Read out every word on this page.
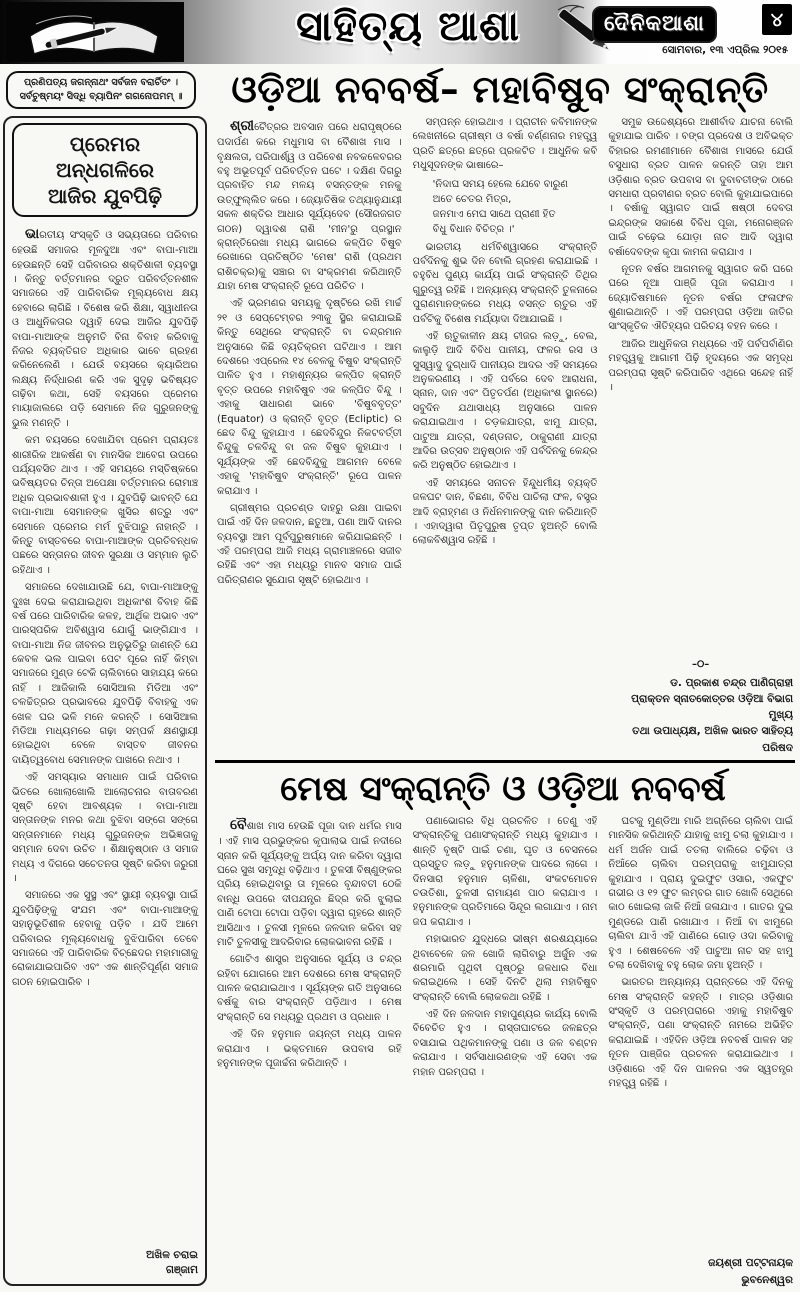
ସାହିତ୍ୟ ଆଶା	ଦୈନିକଆଶା	୪
ସୋମବାର, ୧୩ ଏପ୍ରିଲ ୨୦୧୫
ପ୍ରଣିପତ୍ୟ ଜଗନ୍ନାଥଂ ସର୍ବଜନ ବରାର୍ଚିତଂ ।
ସର୍ବଚୁଷ୍ମୟଂ ସିଦ୍ଧି ବ୍ୟାପିନଂ ଗଗନୋପମମ୍ ॥	ଓଡ଼ିଆ ନବବର୍ଷ– ମହାବିଷୁବ ସଂକ୍ରାନ୍ତି
ପ୍ରେମର ଅନ୍ଧଗଳିରେ
ଆଜିର ଯୁବପିଢ଼ି

ଭାରତୀୟ ସଂସ୍କୃତି ଓ ସଭ୍ୟତାରେ ପରିବାର ହେଉଛି ସମାଜର ମୂଳଦୁଆ ଏବଂ ବାପା-ମାଆ ହେଉଛନ୍ତି ସେହି ପରିବାରର ଶକ୍ତିଶାଳୀ ବ୍ୟବସ୍ଥା । କିନ୍ତୁ ବର୍ତ୍ତମାନର ଦ୍ରୁତ ପରିବର୍ତ୍ତନଶୀଳ ସମାଜରେ ଏହି ପାରିବାରିକ ମୂଲ୍ୟବୋଧ କ୍ଷୟ ହେବାରେ ଲାଗିଛି । ବିଶେଷ କରି ଶିକ୍ଷା, ସ୍ୱାଧୀନତା ଓ ଆଧୁନିକତାର ଦ୍ୱାହି ଦେଇ ଆଜିର ଯୁବପିଢ଼ି ବାପା-ମାଆଙ୍କ ଅନୁମତି ବିନା ବିବାହ କରିବାକୁ ନିଜର ବ୍ୟକ୍ତିଗତ ଅଧିକାର ଭାବେ ଗ୍ରହଣ କରିନେଲେଣି । ଯେଉଁ ବୟସରେ କ୍ୟାରିଅର ଲକ୍ଷ୍ୟ ନିର୍ଦ୍ଧାରଣ କରି ଏକ ସୁଦୃଢ଼ ଭବିଷ୍ୟତ ଗଢ଼ିବା କଥା, ସେହି ବୟସରେ ପ୍ରେମର ମାୟାଜାଲରେ ପଡ଼ି ସେମାନେ ନିଜ ଗୁରୁଜନଙ୍କୁ ଭୁଲ ମଣନ୍ତି ।

କମ ବୟସରେ ଦେଖାଯିବା ପ୍ରେମ ପ୍ରାୟତଃ ଶାରୀରିକ ଆକର୍ଷଣ ବା ମାନସିକ ଆବେଗ ଉପରେ ପର୍ଯ୍ୟବସିତ ଥାଏ । ଏହି ସମୟରେ ମସ୍ତିଷ୍କରେ ଭବିଷ୍ୟତର ଚିନ୍ତା ଅପେକ୍ଷା ବର୍ତ୍ତମାନର ରୋମାଞ୍ଚ ଅଧିକ ପ୍ରଭାବଶାଳୀ ହୁଏ । ଯୁବପିଢ଼ି ଭାବନ୍ତି ଯେ ବାପା-ମାଆ ସେମାନଙ୍କ ଖୁସିର ଶତ୍ରୁ ଏବଂ ସେମାନେ ପ୍ରେମର ମର୍ମ ବୁଝିପାରୁ ନାହାନ୍ତି । କିନ୍ତୁ ବାସ୍ତବରେ ବାପା-ମାଆଙ୍କ ପ୍ରତିବନ୍ଧକ ପଛରେ ସନ୍ତାନର ଜୀବନ ସୁରକ୍ଷା ଓ ସମ୍ମାନ ଲୁଚି ରହିଥାଏ ।

ସମାଜରେ ଦେଖାଯାଉଛି ଯେ, ବାପା-ମାଆଙ୍କୁ ଦୁଃଖ ଦେଇ କରାଯାଇଥିବା ଅଧିକାଂଶ ବିବାହ କିଛି ବର୍ଷ ପରେ ପାରିବାରିକ କଳହ, ଆର୍ଥିକ ଅଭାବ ଏବଂ ପାରସ୍ପରିକ ଅବିଶ୍ୱାସ ଯୋଗୁଁ ଭାଙ୍ଗିଯାଏ । ବାପା-ମାଆ ନିଜ ଜୀବନର ଅନୁଭୂତିରୁ ଜାଣନ୍ତି ଯେ କେବଳ ଭଲ ପାଇବା ପେଟ ପୂରେ ନାହିଁ କିମ୍ବା ସମାଜରେ ମୁଣ୍ଡ ଟେକି ଚାଲିବାରେ ସାହାଯ୍ୟ କରେ ନାହିଁ । ଆଜିକାଲି ସୋସିଆଲ ମିଡିଆ ଏବଂ ଚଳଚ୍ଚିତ୍ରର ପ୍ରଭାବରେ ଯୁବପିଢ଼ି ବିବାହକୁ ଏକ ଖେଳ ଘର ଭଳି ମନେ କରନ୍ତି । ସୋସିଆଲ ମିଡିଆ ମାଧ୍ୟମରେ ଗଢ଼ା ସମ୍ପର୍କ କ୍ଷଣସ୍ଥାୟୀ ହୋଇଥିବା ବେଳେ ବାସ୍ତବ ଜୀବନର ଦାୟିତ୍ୱବୋଧ ସେମାନଙ୍କ ପାଖରେ ନଥାଏ ।

ଏହି ସମସ୍ୟାର ସମାଧାନ ପାଇଁ ପରିବାର ଭିତରେ ଖୋଲାଖୋଲି ଆଲୋଚନାର ବାତାବରଣ ସୃଷ୍ଟି ହେବା ଆବଶ୍ୟକ । ବାପା-ମାଆ ସନ୍ତାନଙ୍କ ମନର କଥା ବୁଝିବା ସଙ୍ଗେ ସଙ୍ଗେ ସନ୍ତାନମାନେ ମଧ୍ୟ ଗୁରୁଜନଙ୍କ ଅଭିଜ୍ଞତାକୁ ସମ୍ମାନ ଦେବା ଉଚିତ । ଶିକ୍ଷାନୁଷ୍ଠାନ ଓ ସମାଜ ମଧ୍ୟ ଏ ଦିଗରେ ସଚେତନତା ସୃଷ୍ଟି କରିବା ଜରୁରୀ ।

ସମାଜରେ ଏକ ସୁସ୍ଥ ଏବଂ ସ୍ଥାୟୀ ବ୍ୟବସ୍ଥା ପାଇଁ ଯୁବପିଢ଼ିଙ୍କୁ ସଂଯମ ଏବଂ ବାପା-ମାଆଙ୍କୁ ସହାନୁଭୂତିଶୀଳ ହେବାକୁ ପଡ଼ିବ । ଯଦି ଆମେ ପରିବାରର ମୂଲ୍ୟବୋଧକୁ ବୁଝିପାରିବା ତେବେ ସମାଜରେ ଏହି ପାରିବାରିକ ବିଚ୍ଛେଦର ମହାମାରୀକୁ ରୋକାଯାଇପାରିବ ଏବଂ ଏକ ଶାନ୍ତିପୂର୍ଣ୍ଣ ସମାଜ ଗଠନ ହୋଇପାରିବ ।

ଅଖିଳ ଚରାଇ
ଗଞ୍ଜାମ

ଶ୍ରୀଚୈତ୍ରର ଅବସାନ ପରେ ଧରାପୃଷ୍ଠରେ ପଦାର୍ପଣ କରେ ମଧୁମାସ ବା ବୈଶାଖ ମାସ । ବୃକ୍ଷଲତା, ପରିପାର୍ଶ୍ୱ ଓ ପରିବେଶ ନବକଳେବରର ବହୁ ଅଭୂତପୂର୍ବ ପରିବର୍ତ୍ତନ ଘଟେ । ଦକ୍ଷିଣ ଦିଗରୁ ପ୍ରବାହିତ ମନ୍ଦ ମଳୟ ବସନ୍ତଙ୍କ ମନକୁ ଉତ୍‌ଫୁଲ୍ଲିତ କରେ । ଜ୍ୟୋତିଷିକ ତଥ୍ୟାନୁଯାୟୀ ସକଳ ଶକ୍ତିର ଆଧାର ସୂର୍ଯ୍ୟଦେବ (ସୌରଜଗତ ଗଠନ) ଦ୍ୱାଦଶ ରାଶି 'ମୀନ'ରୁ ପ୍ରସ୍ଥାନ କ୍ରାନ୍ତିରେଖା ମଧ୍ୟ ଭାଗରେ କଳ୍ପିତ ବିଷୁବ ରେଖାରେ ପ୍ରତିଷ୍ଠିତ 'ମେଷ' ରାଶି (ପ୍ରଥମ ରାଶିଚକ୍ର)କୁ ସଞ୍ଚାର ବା ସଂକ୍ରମଣ କରିଥାନ୍ତି ଯାହା ମେଷ ସଂକ୍ରାନ୍ତି ରୂପେ ପରିଚିତ ।

ଏହି ଭ୍ରମଣର ସମୟକୁ ଦୃଷ୍ଟିରେ ରଖି ମାର୍ଚ୍ଚ ୨୧ ଓ ସେପ୍ଟେମ୍ବର ୨୩କୁ ସ୍ଥିର କରାଯାଇଛି କିନ୍ତୁ ସେଥିରେ ସଂକ୍ରାନ୍ତି ବା ଚନ୍ଦ୍ରମାନ ଅନୁସାରେ କିଛି ବ୍ୟତିକ୍ରମ ଘଟିଥାଏ । ଆମ ଦେଶରେ ଏପ୍ରେଲ ୧୪ ବେଳକୁ ବିଷୁବ ସଂକ୍ରାନ୍ତି ପାଳିତ ହୁଏ । ମହାଶୂନ୍ୟର କଳ୍ପିତ କ୍ରାନ୍ତି ବୃତ୍ତ ଉପରେ ମହାବିଷୁବ ଏକ କଳ୍ପିତ ବିନ୍ଦୁ । ଏହାକୁ ସାଧାରଣ ଭାବେ 'ବିଷୁବବୃତ୍ତ' (Equator) ଓ କ୍ରାନ୍ତି ବୃତ୍ତ (Ecliptic) ର ଛେଦ ବିନ୍ଦୁ କୁହାଯାଏ । ଛେଦବିନ୍ଦୁର ନିକଟବର୍ତ୍ତୀ ବିନ୍ଦୁକୁ ଚଳବିନ୍ଦୁ ବା ଜଳ ବିଷୁବ କୁହାଯାଏ । ସୂର୍ଯ୍ୟଙ୍କ ଏହି ଛେଦବିନ୍ଦୁକୁ ଆଗମନ ବେଳେ ଏହାକୁ 'ମହାବିଷୁବ ସଂକ୍ରାନ୍ତି' ରୂପେ ପାଳନ କରାଯାଏ ।

ଗ୍ରୀଷ୍ମର ପ୍ରଚଣ୍ଡ ଦାହରୁ ରକ୍ଷା ପାଇବା ପାଇଁ ଏହି ଦିନ ଜଳଦାନ, ଛତୁଆ, ପଣା ଆଦି ଦାନର ବ୍ୟବସ୍ଥା ଆମ ପୂର୍ବପୁରୁଷମାନେ କରିଯାଇଛନ୍ତି । ଏହି ପରମ୍ପରା ଆଜି ମଧ୍ୟ ଗ୍ରାମାଞ୍ଚଳରେ ସଜୀବ ରହିଛି ଏବଂ ଏହା ମଧ୍ୟରୁ ମାନବ ସମାଜ ପାଇଁ ପରିତ୍ରାଣର ସୁଯୋଗ ସୃଷ୍ଟି ହୋଇଥାଏ ।

ସମ୍ପନ୍ନ ହୋଇଥାଏ । ପ୍ରାଚୀନ କବିମାନଙ୍କ ଲେଖନୀରେ ଗ୍ରୀଷ୍ମ ଓ ବର୍ଷା ବର୍ଣ୍ଣନାର ମହତ୍ତ୍ୱ ପ୍ରତି ଛତ୍ରେ ଛତ୍ରେ ପ୍ରକଟିତ । ଆଧୁନିକ କବି ମଧୁସୂଦନଙ୍କ ଭାଷାରେ–

'ନିଦାଘ ସମୟ ହେଲେ ଯେବେ ବାରୁଣ
ଅତେ ଚେତର ମିତ୍ର,
ଜନମାଏ ମେଘ ସାଥେ ପ୍ରାଣୀ ହିତ
ବିଧୁ ବିଧାନ ବିଚିତ୍ର ।'

ଭାରତୀୟ ଧର୍ମବିଶ୍ୱାସରେ ସଂକ୍ରାନ୍ତି ପର୍ବଦିନକୁ ଶୁଭ ଦିନ ବୋଲି ଗ୍ରହଣ କରାଯାଇଛି । ବହୁବିଧ ପୁଣ୍ୟ କାର୍ଯ୍ୟ ପାଇଁ ସଂକ୍ରାନ୍ତି ତିଥିର ଗୁରୁତ୍ୱ ରହିଛି । ଅନ୍ୟାନ୍ୟ ସଂକ୍ରାନ୍ତି ତୁଳନାରେ ପୁରାଣମାନଙ୍କରେ ମଧ୍ୟ ବସନ୍ତ ଋତୁର ଏହି ପର୍ବଟିକୁ ବିଶେଷ ମର୍ଯ୍ୟାଦା ଦିଆଯାଇଛି ।

ଏହି ଋତୁକାଳୀନ କ୍ଷୟ ଚୀଜର ଲଡ଼ୁ, ବେଲ, କାଲୁଡ଼ି ଆଦି ବିବିଧ ପାନୀୟ, ଫଳର ରସ ଓ ସୁସ୍ୱାଦୁ ଦୁଗ୍ଧାଦି ପାନୀୟର ଆଦର ଏହି ସମୟରେ ଅନୁକରଣୀୟ । ଏହି ପର୍ବରେ ଦେବ ଆରାଧନା, ସ୍ନାନ, ଦାନ ଏବଂ ପିତୃତର୍ପଣ (ଅଧିକାଂଶ ସ୍ଥାନରେ) ସବୁଦିନ ଯଥାସାଧ୍ୟ ଅନୁସାରେ ପାଳନ କରାଯାଇଥାଏ । ଚଡ଼କଯାତ୍ରା, ଝାମୁ ଯାତ୍ରା, ପାଟୁଆ ଯାତ୍ରା, ଦଣ୍ଡନାଚ, ଠାକୁରାଣୀ ଯାତ୍ରା ଆଦିର ଉତ୍ସବ ଅନୁଷ୍ଠାନ ଏହି ପର୍ବଦିନକୁ କେନ୍ଦ୍ର କରି ଅନୁଷ୍ଠିତ ହୋଇଥାଏ ।

ଏହି ସମୟରେ ସନାତନ ହିନ୍ଦୁଧର୍ମୀୟ ବ୍ୟକ୍ତି ଜଳଘଟ ଦାନ, ବିଛଣା, ବିବିଧ ପାଚିଲା ଫଳ, ବସ୍ତ୍ର ଆଦି ବ୍ରାହ୍ମଣ ଓ ନିର୍ଧନମାନଙ୍କୁ ଦାନ କରିଥାନ୍ତି । ଏହାଦ୍ୱାରା ପିତୃପୁରୁଷ ତୃପ୍ତ ହୁଅନ୍ତି ବୋଲି ଲୋକବିଶ୍ୱାସ ରହିଛି ।

ସମୁଚ୍ଚ ଉଦ୍ଦେଶ୍ୟରେ ଆଶୀର୍ବାଦ ଯାଚନା ବୋଲି କୁହାଯାଇ ପାରିବ । ବଙ୍ଗ ପ୍ରଦେଶ ଓ ଅବିଭକ୍ତ ବିହାରର ରମଣୀମାନେ ବୈଶାଖ ମାସରେ ଯେଉଁ ବସୁଧାରା ବ୍ରତ ପାଳନ କରନ୍ତି ତାହା ଆମ ଓଡ଼ିଶାର ବ୍ରତ ଉପବାସ ବା ଦୁବାବତୀଙ୍କ ଠାରେ ସମଧାରା ପ୍ରବୀଣର ବ୍ରତ ବୋଲି କୁହାଯାଇପାରେ । ବର୍ଷାକୁ ସ୍ୱାଗତ ପାଇଁ ଷଷ୍ଠୀ ଦେବତା ଇନ୍ଦ୍ରଙ୍କ ସକାଶେ ବିବିଧ ପୂଜା, ମନୋରଞ୍ଜନ ପାଇଁ ଚଢ଼େଇ ଯୋଡ଼ା ନାଚ ଆଦି ଦ୍ୱାରା ବର୍ଷାଦେବଙ୍କ କୃପା କାମନା କରାଯାଏ ।

ନୂତନ ବର୍ଷର ଆଗମନକୁ ସ୍ୱାଗତ କରି ଘରେ ଘରେ ନୂଆ ପାଞ୍ଜି ପୂଜା କରାଯାଏ । ଜ୍ୟୋତିଷମାନେ ନୂତନ ବର୍ଷର ଫଳାଫଳ ଶୁଣାଇଥାନ୍ତି । ଏହି ପରମ୍ପରା ଓଡ଼ିଆ ଜାତିର ସାଂସ୍କୃତିକ ଐତିହ୍ୟର ପରିଚୟ ବହନ କରେ ।

ଆଜିର ଆଧୁନିକତା ମଧ୍ୟରେ ଏହି ପର୍ବପର୍ବାଣିର ମହତ୍ତ୍ୱକୁ ଆଗାମୀ ପିଢ଼ି ହୃଦୟରେ ଏକ ସମୃଦ୍ଧ ପରମ୍ପରା ସୃଷ୍ଟି କରିପାରିବ ଏଥିରେ ସନ୍ଦେହ ନାହିଁ ।

–୦–
ଡ. ପ୍ରକାଶ ଚନ୍ଦ୍ର ପାଣିଗ୍ରାହୀ
ପ୍ରାକ୍ତନ ସ୍ନାତକୋତ୍ତର ଓଡ଼ିଆ ବିଭାଗ ମୁଖ୍ୟ
ତଥା ଉପାଧ୍ୟକ୍ଷ, ଅଖିଳ ଭାରତ ସାହିତ୍ୟ ପରିଷଦ
ମେଷ ସଂକ୍ରାନ୍ତି ଓ ଓଡ଼ିଆ ନବବର୍ଷ

ବୈଶାଖ ମାସ ହେଉଛି ପୂଜା ଦାନ ଧର୍ମର ମାସ । ଏହି ମାସ ପ୍ରଭୁଙ୍କର କୃପାଲାଭ ପାଇଁ ନଦୀରେ ସ୍ନାନ କରି ସୂର୍ଯ୍ୟଙ୍କୁ ଅର୍ଘ୍ୟ ଦାନ କରିବା ଦ୍ୱାରା ଘରେ ସୁଖ ସମୃଦ୍ଧି ବଢ଼ିଥାଏ । ତୁଳସୀ ବିଷ୍ଣୁଙ୍କର ପ୍ରିୟ ହୋଇଥିବାରୁ ତା ମୂଳରେ ବୃନ୍ଦାବତୀ ଠେକି ବାନ୍ଧି ଉପରେ ଦୀପଯନ୍ତ୍ର ଛିଦ୍ର କରି ଝୁଲାଇ ପାଣି ଟୋପା ଟୋପା ପଡ଼ିବା ଦ୍ୱାରା ଗୃହରେ ଶାନ୍ତି ଆସିଥାଏ । ତୁଳସୀ ମୂଳରେ ଜଳଦାନ କରିବା ସହ ମାଟି ତୁଳସୀକୁ ଆଦରିବାର ଲୋକଭାବନା ରହିଛି ।

ଗୋଟିଏ ଶାସ୍ତ୍ର ଅନୁସାରେ ସୂର୍ଯ୍ୟ ଓ ଚନ୍ଦ୍ର ରହିବା ଯୋଗରେ ଆମ ଦେଶରେ ମେଷ ସଂକ୍ରାନ୍ତି ପାଳନ କରାଯାଇଥାଏ । ସୂର୍ଯ୍ୟଙ୍କ ଗତି ଅନୁସାରେ ବର୍ଷକୁ ବାର ସଂକ୍ରାନ୍ତି ପଡ଼ିଥାଏ । ମେଷ ସଂକ୍ରାନ୍ତି ସେ ମଧ୍ୟରୁ ପ୍ରଥମ ଓ ପ୍ରଧାନ ।

ଏହି ଦିନ ହନୁମାନ ଜୟନ୍ତୀ ମଧ୍ୟ ପାଳନ କରାଯାଏ । ଭକ୍ତମାନେ ଉପବାସ ରହି ହନୁମାନଙ୍କ ପୂଜାର୍ଚ୍ଚନା କରିଥାନ୍ତି ।

ପଣାଭୋଗର ବିଧି ପ୍ରଚଳିତ । ତେଣୁ ଏହି ସଂକ୍ରାନ୍ତିକୁ ପଣାସଂକ୍ରାନ୍ତି ମଧ୍ୟ କୁହାଯାଏ । ଶାନ୍ତି ବୃଷ୍ଟି ପାଇଁ ଚଣା, ଘୃତ ଓ ବେସନରେ ପ୍ରସ୍ତୁତ ଲଡ଼ୁ ହନୁମାନଙ୍କ ପାଦରେ ଲାଗେ । ଦିନସାରା ହନୁମାନ ଚାଳିଶା, ସଂକଟମୋଚନ ଚଉତିଶା, ତୁଳସୀ ରାମାୟଣ ପାଠ କରାଯାଏ । ହନୁମାନଙ୍କ ପ୍ରତିମାରେ ସିନ୍ଦୂର ଲଗାଯାଏ । ନାମ ଜପ କରାଯାଏ ।

ମହାଭାରତ ଯୁଦ୍ଧରେ ଭୀଷ୍ମ ଶରଶଯ୍ୟାରେ ଥିବାବେଳେ ଜଳ ଖୋଜି ଲାଗିବାରୁ ଅର୍ଜୁନ ଏକ ଶରମାରି ପୃଥିବୀ ପୃଷ୍ଠରୁ ଜଳଧାର ବିଧା କରାଇଥିଲେ । ସେହି ଦିନଟି ଥିଲା ମହାବିଷୁବ ସଂକ୍ରାନ୍ତି ବୋଲି ଲୋକକଥା ରହିଛି ।

ଏହି ଦିନ ଜଳଦାନ ମହାପୁଣ୍ୟର କାର୍ଯ୍ୟ ବୋଲି ବିବେଚିତ ହୁଏ । ରାସ୍ତାଘାଟରେ ଜଳଛତ୍ର ବସାଯାଇ ପଥିକମାନଙ୍କୁ ପଣା ଓ ଜଳ ବଣ୍ଟନ କରାଯାଏ । ସର୍ବସାଧାରଣଙ୍କ ଏହି ସେବା ଏକ ମହାନ ପରମ୍ପରା ।

ଘଟକୁ ମୁଣ୍ଡିଆ ମାରି ଅଗ୍ନିରେ ଚାଲିବା ପାଇଁ ମାନସିକ କରିଥାନ୍ତି ଯାହାକୁ ଝାମୁ ଚଲା କୁହାଯାଏ । ଧର୍ମ ଅର୍ଜନ ପାଇଁ ତତଲା ବାଲିରେ ଚଢ଼ିବା ଓ ନିଆଁରେ ଚାଲିବା ପରମ୍ପରାକୁ ଝାମୁଯାତ୍ରା କୁହାଯାଏ । ପ୍ରାୟ ଦୁଇଫୁଟ ଓସାର, ଏକଫୁଟ ଗଭୀର ଓ ୧୨ ଫୁଟ ଲମ୍ବର ଗାତ ଖୋଳି ସେଥିରେ କାଠ ଖୋଇଲା ଜାଳି ନିଆଁ ଜଳାଯାଏ । ଗାତର ଦୁଇ ମୁଣ୍ଡରେ ପାଣି ରଖାଯାଏ । ନିଆଁ ବା ଝାମୁରେ ଚାଲିବା ଯାଏଁ ଏହି ପାଣିରେ ଗୋଡ଼ ଓଦା କରିବାକୁ ହୁଏ । ଶେଷବେଳେ ଏହି ପାଟୁଆ ନାଚ ସହ ଝାମୁ ଚଲା ଦେଖିବାକୁ ବହୁ ଲୋକ ଜମା ହୁଅନ୍ତି ।

ଭାରତର ଅନ୍ୟାନ୍ୟ ପ୍ରାନ୍ତରେ ଏହି ଦିନକୁ ମେଷ ସଂକ୍ରାନ୍ତି କହନ୍ତି । ମାତ୍ର ଓଡ଼ିଶାର ସଂସ୍କୃତି ଓ ପରମ୍ପରାରେ ଏହାକୁ ମହାବିଷୁବ ସଂକ୍ରାନ୍ତି, ପଣା ସଂକ୍ରାନ୍ତି ନାମରେ ଅଭିହିତ କରାଯାଇଛି । ଏହିଦିନ ଓଡ଼ିଆ ନବବର୍ଷ ପାଳନ ସହ ନୂତନ ପାଞ୍ଜିର ପ୍ରଚଳନ କରାଯାଇଥାଏ । ଓଡ଼ିଶାରେ ଏହି ଦିନ ପାଳନର ଏକ ସ୍ୱତନ୍ତ୍ର ମହତ୍ତ୍ୱ ରହିଛି ।

ଜୟଶ୍ରୀ ପଟ୍ଟନାୟକ
ଭୁବନେଶ୍ୱର
